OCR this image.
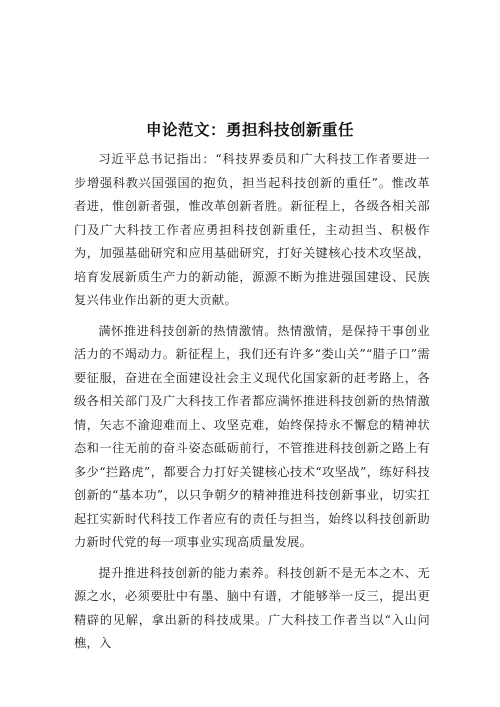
申论范文：勇担科技创新重任

习近平总书记指出：“科技界委员和广大科技工作者要进一步增强科教兴国强国的抱负，担当起科技创新的重任”。惟改革者进，惟创新者强，惟改革创新者胜。新征程上，各级各相关部门及广大科技工作者应勇担科技创新重任，主动担当、积极作为，加强基础研究和应用基础研究，打好关键核心技术攻坚战，培育发展新质生产力的新动能，源源不断为推进强国建设、民族复兴伟业作出新的更大贡献。

满怀推进科技创新的热情激情。热情激情，是保持干事创业活力的不竭动力。新征程上，我们还有许多“娄山关”“腊子口”需要征服，奋进在全面建设社会主义现代化国家新的赶考路上，各级各相关部门及广大科技工作者都应满怀推进科技创新的热情激情，矢志不渝迎难而上、攻坚克难，始终保持永不懈怠的精神状态和一往无前的奋斗姿态砥砺前行，不管推进科技创新之路上有多少“拦路虎”，都要合力打好关键核心技术“攻坚战”，练好科技创新的“基本功”，以只争朝夕的精神推进科技创新事业，切实扛起扛实新时代科技工作者应有的责任与担当，始终以科技创新助力新时代党的每一项事业实现高质量发展。

提升推进科技创新的能力素养。科技创新不是无本之木、无源之水，必须要肚中有墨、脑中有谱，才能够举一反三，提出更精辟的见解，拿出新的科技成果。广大科技工作者当以“入山问樵，入
